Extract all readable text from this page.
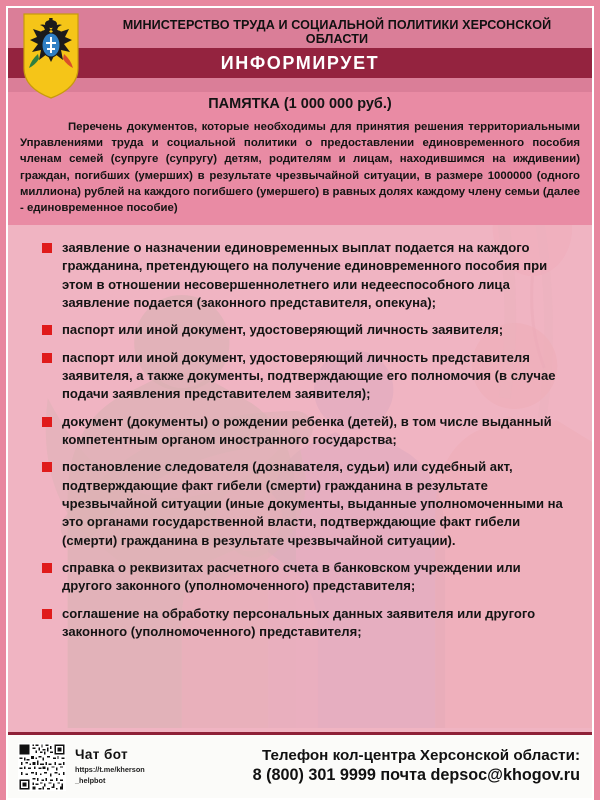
МИНИСТЕРСТВО ТРУДА И СОЦИАЛЬНОЙ ПОЛИТИКИ ХЕРСОНСКОЙ ОБЛАСТИ
ИНФОРМИРУЕТ
ПАМЯТКА (1 000 000 руб.)
Перечень документов, которые необходимы для принятия решения территориальными Управлениями труда и социальной политики о предоставлении единовременного пособия членам семей (супруге (супругу) детям, родителям и лицам, находившимся на иждивении) граждан, погибших (умерших) в результате чрезвычайной ситуации, в размере 1000000 (одного миллиона) рублей на каждого погибшего (умершего) в равных долях каждому члену семьи (далее - единовременное пособие)
заявление о назначении единовременных выплат подается на каждого гражданина, претендующего на получение единовременного пособия при этом в отношении несовершеннолетнего или недееспособного лица заявление подается (законного представителя, опекуна);
паспорт или иной документ, удостоверяющий личность заявителя;
паспорт или иной документ, удостоверяющий личность представителя заявителя, а также документы, подтверждающие его полномочия (в случае подачи заявления представителем заявителя);
документ (документы) о рождении ребенка (детей), в том числе выданный компетентным органом иностранного государства;
постановление следователя (дознавателя, судьи) или судебный акт, подтверждающие факт гибели (смерти) гражданина в результате чрезвычайной ситуации (иные документы, выданные уполномоченными на это органами государственной власти, подтверждающие факт гибели (смерти) гражданина в результате чрезвычайной ситуации).
справка о реквизитах расчетного счета в банковском учреждении или другого законного (уполномоченного) представителя;
соглашение на обработку персональных данных заявителя или другого законного (уполномоченного) представителя;
Чат бот
https://t.me/kherson
_helpbot
Телефон кол-центра Херсонской области:
8 (800) 301 9999 почта depsoc@khogov.ru
